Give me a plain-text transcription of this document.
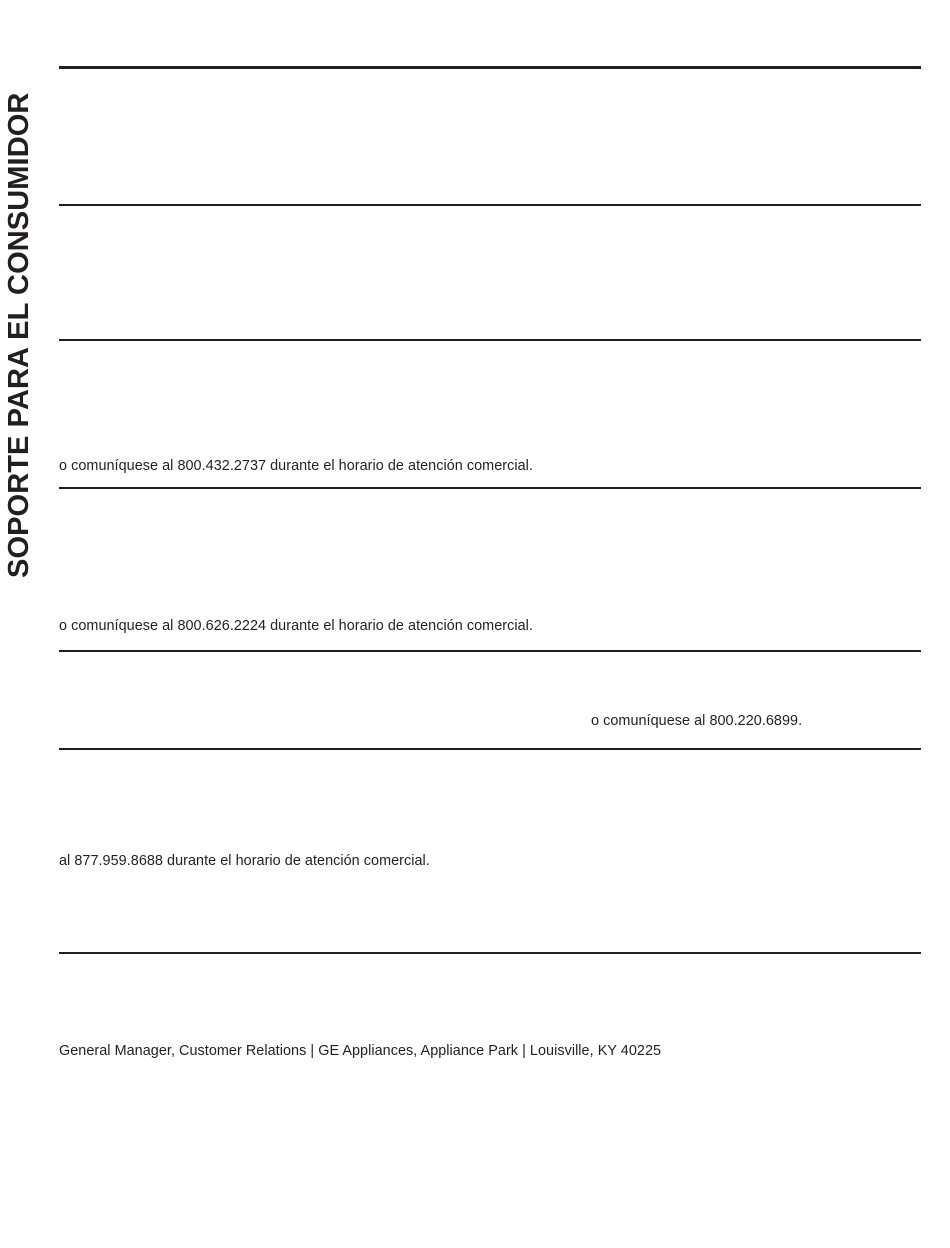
SOPORTE PARA EL CONSUMIDOR o comuníquese al 800.432.2737 durante el horario de atención comercial.
o comuníquese al 800.626.2224 durante el horario de atención comercial.
o comuníquese al 800.220.6899.
al 877.959.8688 durante el horario de atención comercial.
General Manager, Customer Relations | GE Appliances, Appliance Park | Louisville, KY 40225
